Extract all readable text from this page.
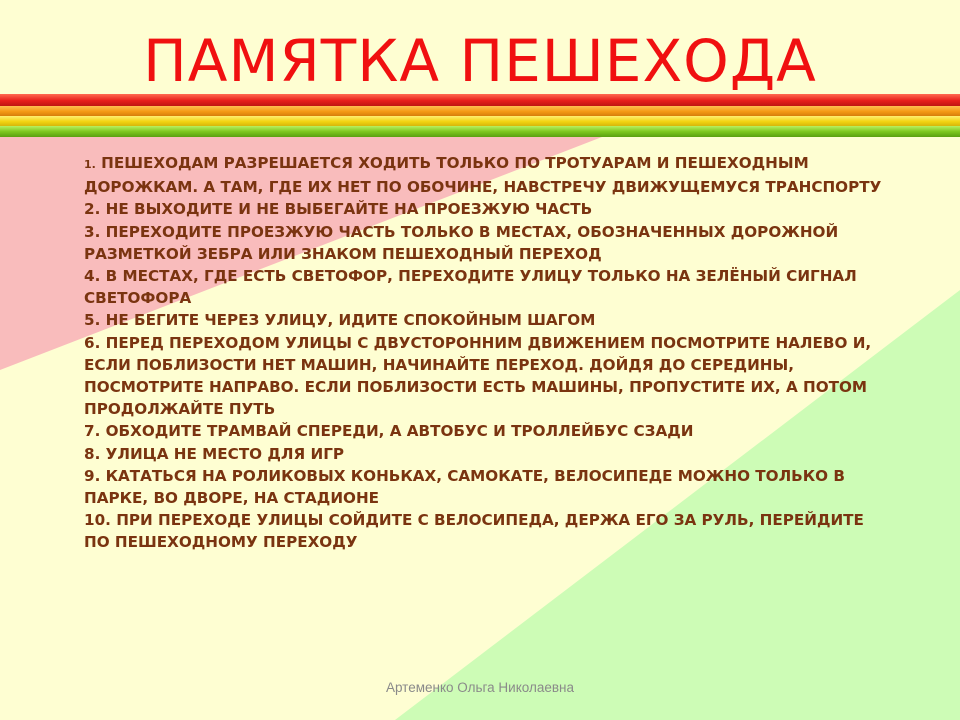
ПАМЯТКА ПЕШЕХОДА
1. ПЕШЕХОДАМ РАЗРЕШАЕТСЯ ХОДИТЬ ТОЛЬКО ПО ТРОТУАРАМ И ПЕШЕХОДНЫМ ДОРОЖКАМ. А ТАМ, ГДЕ ИХ НЕТ ПО ОБОЧИНЕ, НАВСТРЕЧУ ДВИЖУЩЕМУСЯ ТРАНСПОРТУ
2. НЕ ВЫХОДИТЕ И НЕ ВЫБЕГАЙТЕ НА ПРОЕЗЖУЮ ЧАСТЬ
3. ПЕРЕХОДИТЕ ПРОЕЗЖУЮ ЧАСТЬ ТОЛЬКО В МЕСТАХ, ОБОЗНАЧЕННЫХ ДОРОЖНОЙ РАЗМЕТКОЙ ЗЕБРА ИЛИ ЗНАКОМ ПЕШЕХОДНЫЙ ПЕРЕХОД
4. В МЕСТАХ, ГДЕ ЕСТЬ СВЕТОФОР, ПЕРЕХОДИТЕ УЛИЦУ ТОЛЬКО НА ЗЕЛЁНЫЙ СИГНАЛ СВЕТОФОРА
5. НЕ БЕГИТЕ ЧЕРЕЗ УЛИЦУ, ИДИТЕ СПОКОЙНЫМ ШАГОМ
6. ПЕРЕД ПЕРЕХОДОМ УЛИЦЫ С ДВУСТОРОННИМ ДВИЖЕНИЕМ ПОСМОТРИТЕ НАЛЕВО И, ЕСЛИ ПОБЛИЗОСТИ НЕТ МАШИН, НАЧИНАЙТЕ ПЕРЕХОД. ДОЙДЯ ДО СЕРЕДИНЫ, ПОСМОТРИТЕ НАПРАВО. ЕСЛИ ПОБЛИЗОСТИ ЕСТЬ МАШИНЫ, ПРОПУСТИТЕ ИХ, А ПОТОМ ПРОДОЛЖАЙТЕ ПУТЬ
7. ОБХОДИТЕ ТРАМВАЙ СПЕРЕДИ, А АВТОБУС И ТРОЛЛЕЙБУС СЗАДИ
8. УЛИЦА НЕ МЕСТО ДЛЯ ИГР
9. КАТАТЬСЯ НА РОЛИКОВЫХ КОНЬКАХ, САМОКАТЕ, ВЕЛОСИПЕДЕ МОЖНО ТОЛЬКО В ПАРКЕ, ВО ДВОРЕ, НА СТАДИОНЕ
10. ПРИ ПЕРЕХОДЕ УЛИЦЫ СОЙДИТЕ С ВЕЛОСИПЕДА, ДЕРЖА ЕГО ЗА РУЛЬ, ПЕРЕЙДИТЕ ПО ПЕШЕХОДНОМУ ПЕРЕХОДУ
Артеменко Ольга Николаевна
